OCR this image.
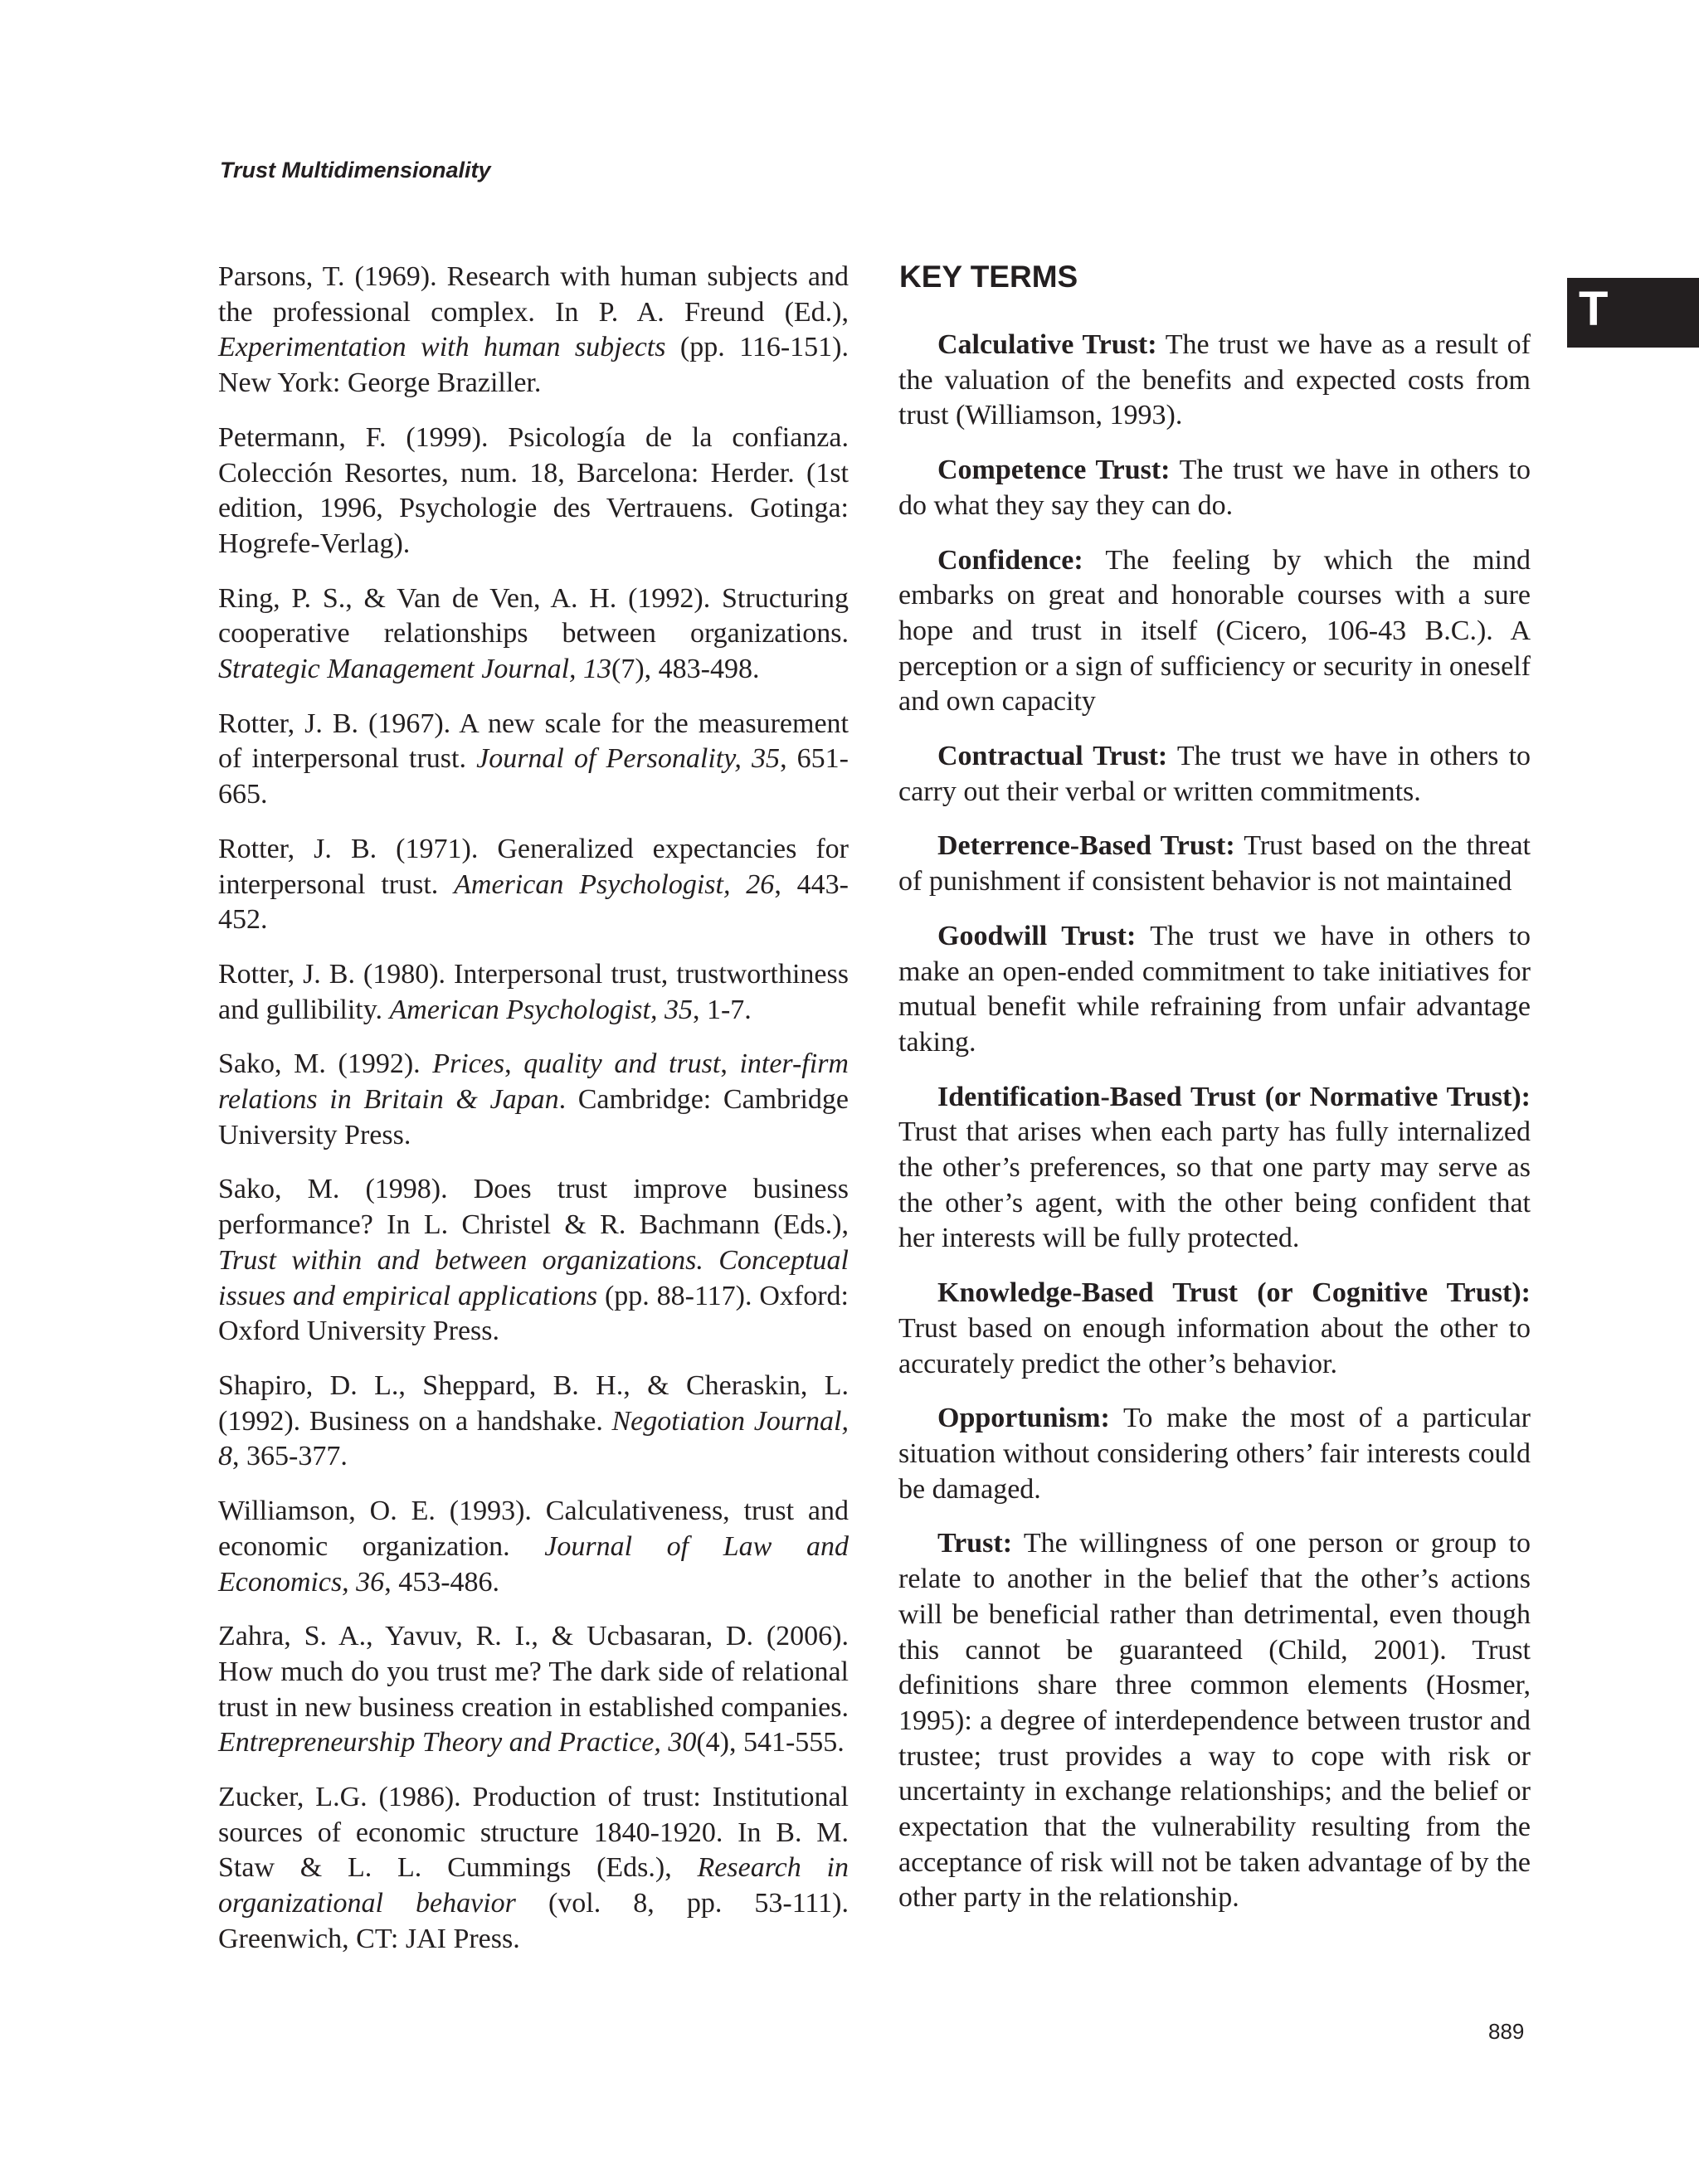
Trust Multidimensionality
T

Parsons, T. (1969). Research with human subjects and the professional complex. In P. A. Freund (Ed.), Experimentation with human subjects (pp. 116-151). New York: George Braziller.

Petermann, F. (1999). Psicología de la confianza. Colección Resortes, num. 18, Barcelona: Herder. (1st edition, 1996, Psychologie des Vertrauens. Gotinga: Hogrefe-Verlag).

Ring, P. S., & Van de Ven, A. H. (1992). Structuring cooperative relationships between organizations. Strategic Management Journal, 13(7), 483-498.

Rotter, J. B. (1967). A new scale for the measurement of interpersonal trust. Journal of Personality, 35, 651-665.

Rotter, J. B. (1971). Generalized expectancies for interpersonal trust. American Psychologist, 26, 443-452.

Rotter, J. B. (1980). Interpersonal trust, trustworthiness and gullibility. American Psychologist, 35, 1-7.

Sako, M. (1992). Prices, quality and trust, inter-firm relations in Britain & Japan. Cambridge: Cambridge University Press.

Sako, M. (1998). Does trust improve business performance? In L. Christel & R. Bachmann (Eds.), Trust within and between organizations. Conceptual issues and empirical applications (pp. 88-117). Oxford: Oxford University Press.

Shapiro, D. L., Sheppard, B. H., & Cheraskin, L. (1992). Business on a handshake. Negotiation Journal, 8, 365-377.

Williamson, O. E. (1993). Calculativeness, trust and economic organization. Journal of Law and Economics, 36, 453-486.

Zahra, S. A., Yavuv, R. I., & Ucbasaran, D. (2006). How much do you trust me? The dark side of relational trust in new business creation in established companies. Entrepreneurship Theory and Practice, 30(4), 541-555.

Zucker, L.G. (1986). Production of trust: Institutional sources of economic structure 1840-1920. In B. M. Staw & L. L. Cummings (Eds.), Research in organizational behavior (vol. 8, pp. 53-111). Greenwich, CT: JAI Press.

KEY TERMS

Calculative Trust: The trust we have as a result of the valuation of the benefits and expected costs from trust (Williamson, 1993).

Competence Trust: The trust we have in others to do what they say they can do.

Confidence: The feeling by which the mind embarks on great and honorable courses with a sure hope and trust in itself (Cicero, 106-43 B.C.). A perception or a sign of sufficiency or security in oneself and own capacity

Contractual Trust: The trust we have in others to carry out their verbal or written commitments.

Deterrence-Based Trust: Trust based on the threat of punishment if consistent behavior is not maintained

Goodwill Trust: The trust we have in others to make an open-ended commitment to take initiatives for mutual benefit while refraining from unfair advantage taking.

Identification-Based Trust (or Normative Trust): Trust that arises when each party has fully internalized the other’s preferences, so that one party may serve as the other’s agent, with the other being confident that her interests will be fully protected.

Knowledge-Based Trust (or Cognitive Trust): Trust based on enough information about the other to accurately predict the other’s behavior.

Opportunism: To make the most of a particular situation without considering others’ fair interests could be damaged.

Trust: The willingness of one person or group to relate to another in the belief that the other’s actions will be beneficial rather than detrimental, even though this cannot be guaranteed (Child, 2001). Trust definitions share three common elements (Hosmer, 1995): a degree of interdependence between trustor and trustee; trust provides a way to cope with risk or uncertainty in exchange relationships; and the belief or expectation that the vulnerability resulting from the acceptance of risk will not be taken advantage of by the other party in the relationship.

889
